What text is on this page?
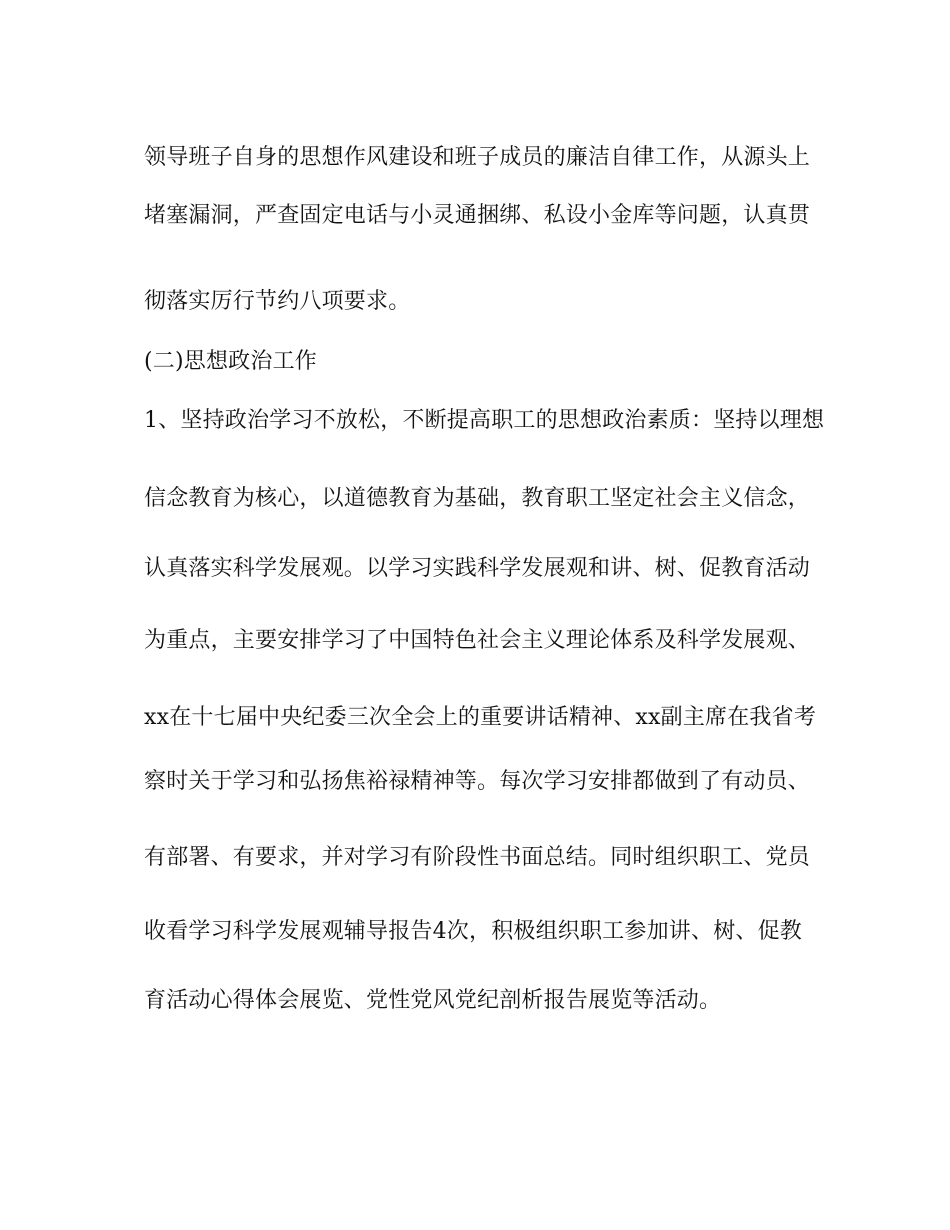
领导班子自身的思想作风建设和班子成员的廉洁自律工作，从源头上
堵塞漏洞，严查固定电话与小灵通捆绑、私设小金库等问题，认真贯
彻落实厉行节约八项要求。
(二)思想政治工作
1、坚持政治学习不放松，不断提高职工的思想政治素质：坚持以理想
信念教育为核心，以道德教育为基础，教育职工坚定社会主义信念，
认真落实科学发展观。以学习实践科学发展观和讲、树、促教育活动
为重点，主要安排学习了中国特色社会主义理论体系及科学发展观、
xx在十七届中央纪委三次全会上的重要讲话精神、xx副主席在我省考
察时关于学习和弘扬焦裕禄精神等。每次学习安排都做到了有动员、
有部署、有要求，并对学习有阶段性书面总结。同时组织职工、党员
收看学习科学发展观辅导报告4次，积极组织职工参加讲、树、促教
育活动心得体会展览、党性党风党纪剖析报告展览等活动。
